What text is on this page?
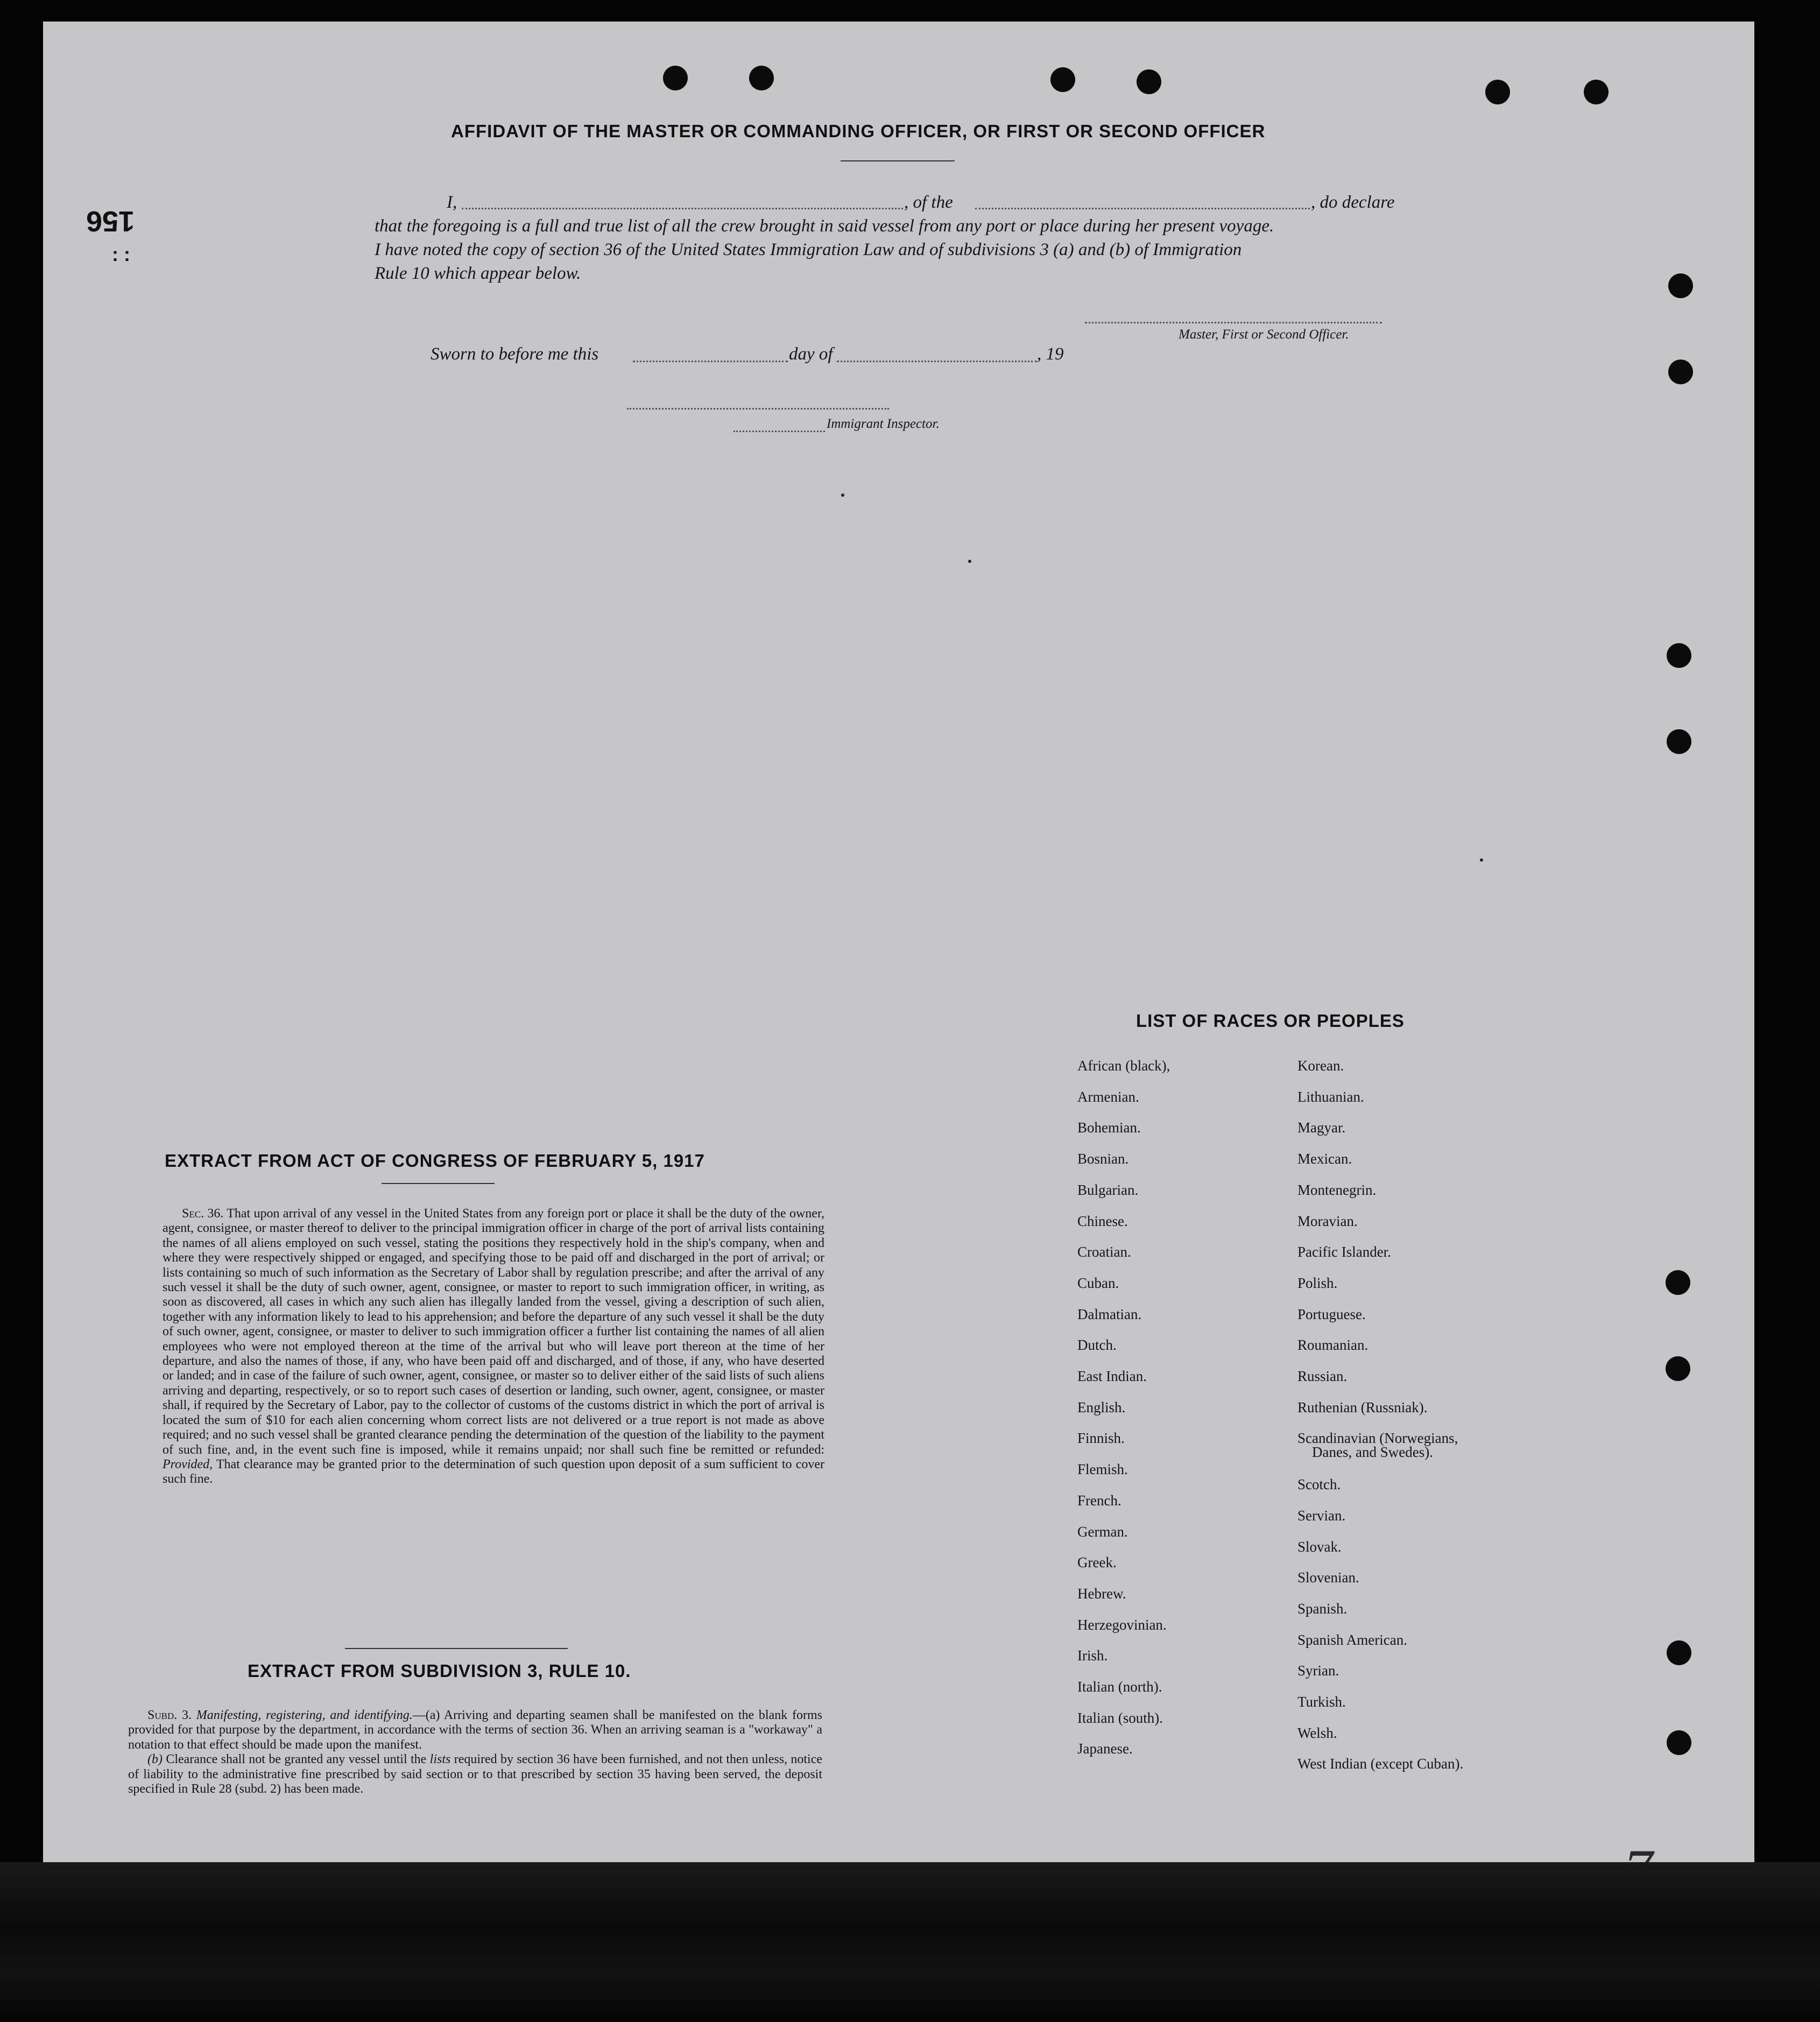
156
: :
AFFIDAVIT OF THE MASTER OR COMMANDING OFFICER, OR FIRST OR SECOND OFFICER
I,	, of the	, do declare
that the foregoing is a full and true list of all the crew brought in said vessel from any port or place during her present voyage.
I have noted the copy of section 36 of the United States Immigration Law and of subdivisions 3 (a) and (b) of Immigration
Rule 10 which appear below.
Master, First or Second Officer.
Sworn to before me this	day of	, 19
Immigrant Inspector.
LIST OF RACES OR PEOPLES
African (black),
Armenian.
Bohemian.
Bosnian.
Bulgarian.
Chinese.
Croatian.
Cuban.
Dalmatian.
Dutch.
East Indian.
English.
Finnish.
Flemish.
French.
German.
Greek.
Hebrew.
Herzegovinian.
Irish.
Italian (north).
Italian (south).
Japanese.
Korean.
Lithuanian.
Magyar.
Mexican.
Montenegrin.
Moravian.
Pacific Islander.
Polish.
Portuguese.
Roumanian.
Russian.
Ruthenian (Russniak).
Scandinavian (Norwegians,
Danes, and Swedes).
Scotch.
Servian.
Slovak.
Slovenian.
Spanish.
Spanish American.
Syrian.
Turkish.
Welsh.
West Indian (except Cuban).
EXTRACT FROM ACT OF CONGRESS OF FEBRUARY 5, 1917

Sec. 36. That upon arrival of any vessel in the United States from any foreign port or place it shall be the duty of the owner, agent, consignee, or master thereof to deliver to the principal immigration officer in charge of the port of arrival lists containing the names of all aliens employed on such vessel, stating the positions they respectively hold in the ship's company, when and where they were respectively shipped or engaged, and specifying those to be paid off and discharged in the port of arrival; or lists containing so much of such information as the Secretary of Labor shall by regulation prescribe; and after the arrival of any such vessel it shall be the duty of such owner, agent, consignee, or master to report to such immigration officer, in writing, as soon as discovered, all cases in which any such alien has illegally landed from the vessel, giving a description of such alien, together with any information likely to lead to his apprehension; and before the departure of any such vessel it shall be the duty of such owner, agent, consignee, or master to deliver to such immigration officer a further list containing the names of all alien employees who were not employed thereon at the time of the arrival but who will leave port thereon at the time of her departure, and also the names of those, if any, who have been paid off and discharged, and of those, if any, who have deserted or landed; and in case of the failure of such owner, agent, consignee, or master so to deliver either of the said lists of such aliens arriving and departing, respectively, or so to report such cases of desertion or landing, such owner, agent, consignee, or master shall, if required by the Secretary of Labor, pay to the collector of customs of the customs district in which the port of arrival is located the sum of $10 for each alien concerning whom correct lists are not delivered or a true report is not made as above required; and no such vessel shall be granted clearance pending the determination of the question of the liability to the payment of such fine, and, in the event such fine is imposed, while it remains unpaid; nor shall such fine be remitted or refunded: Provided, That clearance may be granted prior to the determination of such question upon deposit of a sum sufficient to cover such fine.

EXTRACT FROM SUBDIVISION 3, RULE 10.

Subd. 3. Manifesting, registering, and identifying.—(a) Arriving and departing seamen shall be manifested on the blank forms provided for that purpose by the department, in accordance with the terms of section 36. When an arriving seaman is a "workaway" a notation to that effect should be made upon the manifest.

(b) Clearance shall not be granted any vessel until the lists required by section 36 have been furnished, and not then unless, notice of liability to the administrative fine prescribed by said section or to that prescribed by section 35 having been served, the deposit specified in Rule 28 (subd. 2) has been made.
